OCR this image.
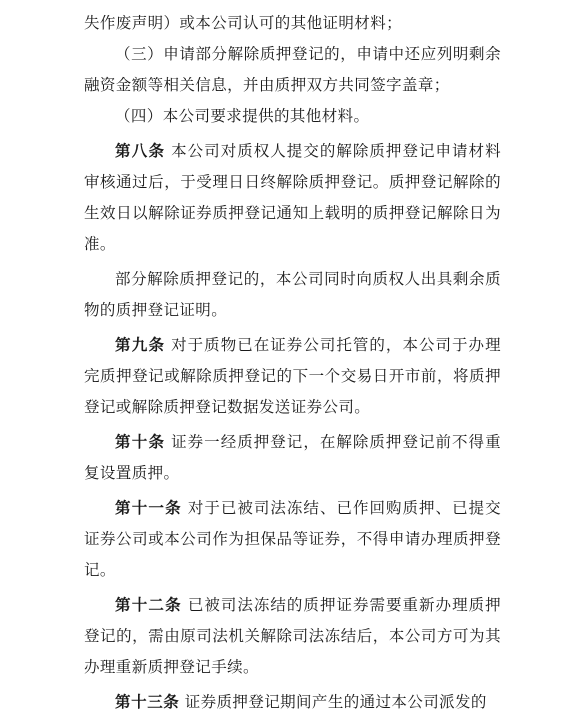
失作废声明）或本公司认可的其他证明材料；

（三）申请部分解除质押登记的，申请中还应列明剩余融资金额等相关信息，并由质押双方共同签字盖章；

（四）本公司要求提供的其他材料。

第八条 本公司对质权人提交的解除质押登记申请材料审核通过后，于受理日日终解除质押登记。质押登记解除的生效日以解除证券质押登记通知上载明的质押登记解除日为准。

部分解除质押登记的，本公司同时向质权人出具剩余质物的质押登记证明。

第九条 对于质物已在证券公司托管的，本公司于办理完质押登记或解除质押登记的下一个交易日开市前，将质押登记或解除质押登记数据发送证券公司。

第十条 证券一经质押登记，在解除质押登记前不得重复设置质押。

第十一条 对于已被司法冻结、已作回购质押、已提交证券公司或本公司作为担保品等证券，不得申请办理质押登记。

第十二条 已被司法冻结的质押证券需要重新办理质押登记的，需由原司法机关解除司法冻结后，本公司方可为其办理重新质押登记手续。

第十三条 证券质押登记期间产生的通过本公司派发的
